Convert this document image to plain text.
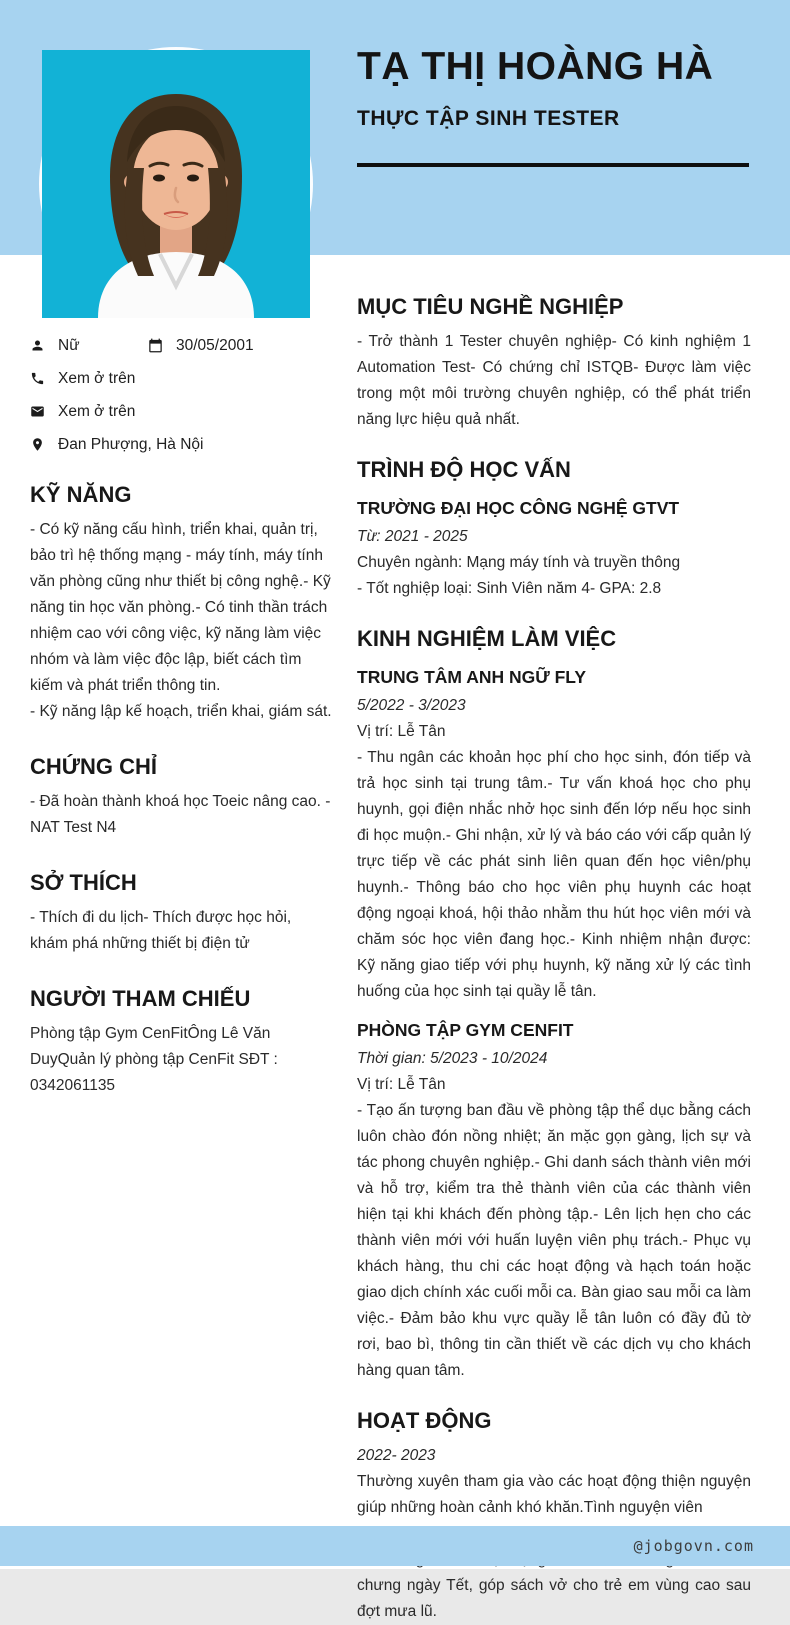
TẠ THỊ HOÀNG HÀ
THỰC TẬP SINH TESTER
Nữ	30/05/2001
Xem ở trên
Xem ở trên
Đan Phượng, Hà Nội
KỸ NĂNG

- Có kỹ năng cấu hình, triển khai, quản trị, bảo trì hệ thống mạng - máy tính, máy tính văn phòng cũng như thiết bị công nghệ.- Kỹ năng tin học văn phòng.- Có tinh thần trách nhiệm cao với công việc, kỹ năng làm việc nhóm và làm việc độc lập, biết cách tìm kiếm và phát triển thông tin.

- Kỹ năng lập kế hoạch, triển khai, giám sát.

CHỨNG CHỈ

- Đã hoàn thành khoá học Toeic nâng cao. - NAT Test N4

SỞ THÍCH

- Thích đi du lịch- Thích được học hỏi, khám phá những thiết bị điện tử

NGƯỜI THAM CHIẾU

Phòng tập Gym CenFitÔng Lê Văn DuyQuản lý phòng tập CenFit SĐT : 0342061135

MỤC TIÊU NGHỀ NGHIỆP

- Trở thành 1 Tester chuyên nghiệp- Có kinh nghiệm 1 Automation Test- Có chứng chỉ ISTQB- Được làm việc trong một môi trường chuyên nghiệp, có thể phát triển năng lực hiệu quả nhất.

TRÌNH ĐỘ HỌC VẤN
TRƯỜNG ĐẠI HỌC CÔNG NGHỆ GTVT

Từ: 2021 - 2025

Chuyên ngành: Mạng máy tính và truyền thông

- Tốt nghiệp loại: Sinh Viên năm 4- GPA: 2.8

KINH NGHIỆM LÀM VIỆC
TRUNG TÂM ANH NGỮ FLY

5/2022 - 3/2023

Vị trí: Lễ Tân

- Thu ngân các khoản học phí cho học sinh, đón tiếp và trả học sinh tại trung tâm.- Tư vấn khoá học cho phụ huynh, gọi điện nhắc nhở học sinh đến lớp nếu học sinh đi học muộn.- Ghi nhận, xử lý và báo cáo với cấp quản lý trực tiếp về các phát sinh liên quan đến học viên/phụ huynh.- Thông báo cho học viên phụ huynh các hoạt động ngoại khoá, hội thảo nhằm thu hút học viên mới và chăm sóc học viên đang học.- Kinh nhiệm nhận được: Kỹ năng giao tiếp với phụ huynh, kỹ năng xử lý các tình huống của học sinh tại quầy lễ tân.

PHÒNG TẬP GYM CENFIT

Thời gian: 5/2023 - 10/2024

Vị trí: Lễ Tân

- Tạo ấn tượng ban đầu về phòng tập thể dục bằng cách luôn chào đón nồng nhiệt; ăn mặc gọn gàng, lịch sự và tác phong chuyên nghiệp.- Ghi danh sách thành viên mới và hỗ trợ, kiểm tra thẻ thành viên của các thành viên hiện tại khi khách đến phòng tập.- Lên lịch hẹn cho các thành viên mới với huấn luyện viên phụ trách.- Phục vụ khách hàng, thu chi các hoạt động và hạch toán hoặc giao dịch chính xác cuối mỗi ca. Bàn giao sau mỗi ca làm việc.- Đảm bảo khu vực quầy lễ tân luôn có đầy đủ tờ rơi, bao bì, thông tin cần thiết về các dịch vụ cho khách hàng quan tâm.

HOẠT ĐỘNG

2022- 2023

Thường xuyên tham gia vào các hoạt động thiện nguyện giúp những hoàn cảnh khó khăn.Tình nguyện viên

chưng ngày Tết, góp sách vở cho trẻ em vùng cao sau đợt mưa lũ.

@jobgovn.com
